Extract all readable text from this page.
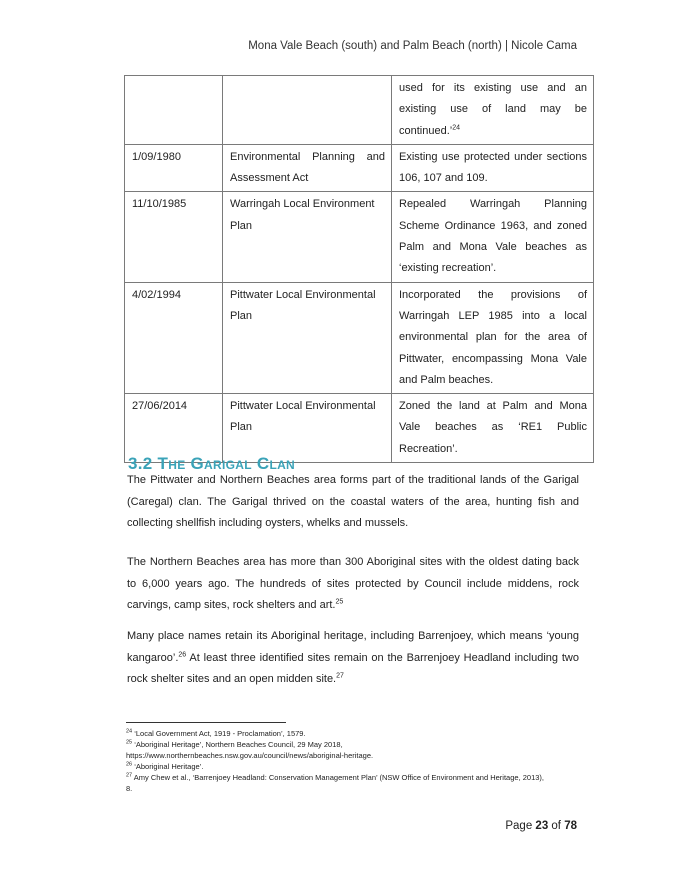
Mona Vale Beach (south) and Palm Beach (north) | Nicole Cama
		used for its existing use and an existing use of land may be continued.’$^{24}$
1/09/1980	Environmental Planning and Assessment Act	Existing use protected under sections 106, 107 and 109.
11/10/1985	Warringah Local Environment Plan	Repealed Warringah Planning Scheme Ordinance 1963, and zoned Palm and Mona Vale beaches as ‘existing recreation’.
4/02/1994	Pittwater Local Environmental Plan	Incorporated the provisions of Warringah LEP 1985 into a local environmental plan for the area of Pittwater, encompassing Mona Vale and Palm beaches.
27/06/2014	Pittwater Local Environmental Plan	Zoned the land at Palm and Mona Vale beaches as ‘RE1 Public Recreation’.
3.2 The Garigal Clan

The Pittwater and Northern Beaches area forms part of the traditional lands of the Garigal (Caregal) clan. The Garigal thrived on the coastal waters of the area, hunting fish and collecting shellfish including oysters, whelks and mussels.

The Northern Beaches area has more than 300 Aboriginal sites with the oldest dating back to 6,000 years ago. The hundreds of sites protected by Council include middens, rock carvings, camp sites, rock shelters and art.$^{25}$

Many place names retain its Aboriginal heritage, including Barrenjoey, which means ‘young kangaroo’.$^{26}$ At least three identified sites remain on the Barrenjoey Headland including two rock shelter sites and an open midden site.$^{27}$

$^{24}$ ‘Local Government Act, 1919 - Proclamation’, 1579.
$^{25}$ ‘Aboriginal Heritage’, Northern Beaches Council, 29 May 2018,
https://www.northernbeaches.nsw.gov.au/council/news/aboriginal-heritage.
$^{26}$ ‘Aboriginal Heritage’.
$^{27}$ Amy Chew et al., ‘Barrenjoey Headland: Conservation Management Plan’ (NSW Office of Environment and Heritage, 2013),
8.
Page 23 of 78
